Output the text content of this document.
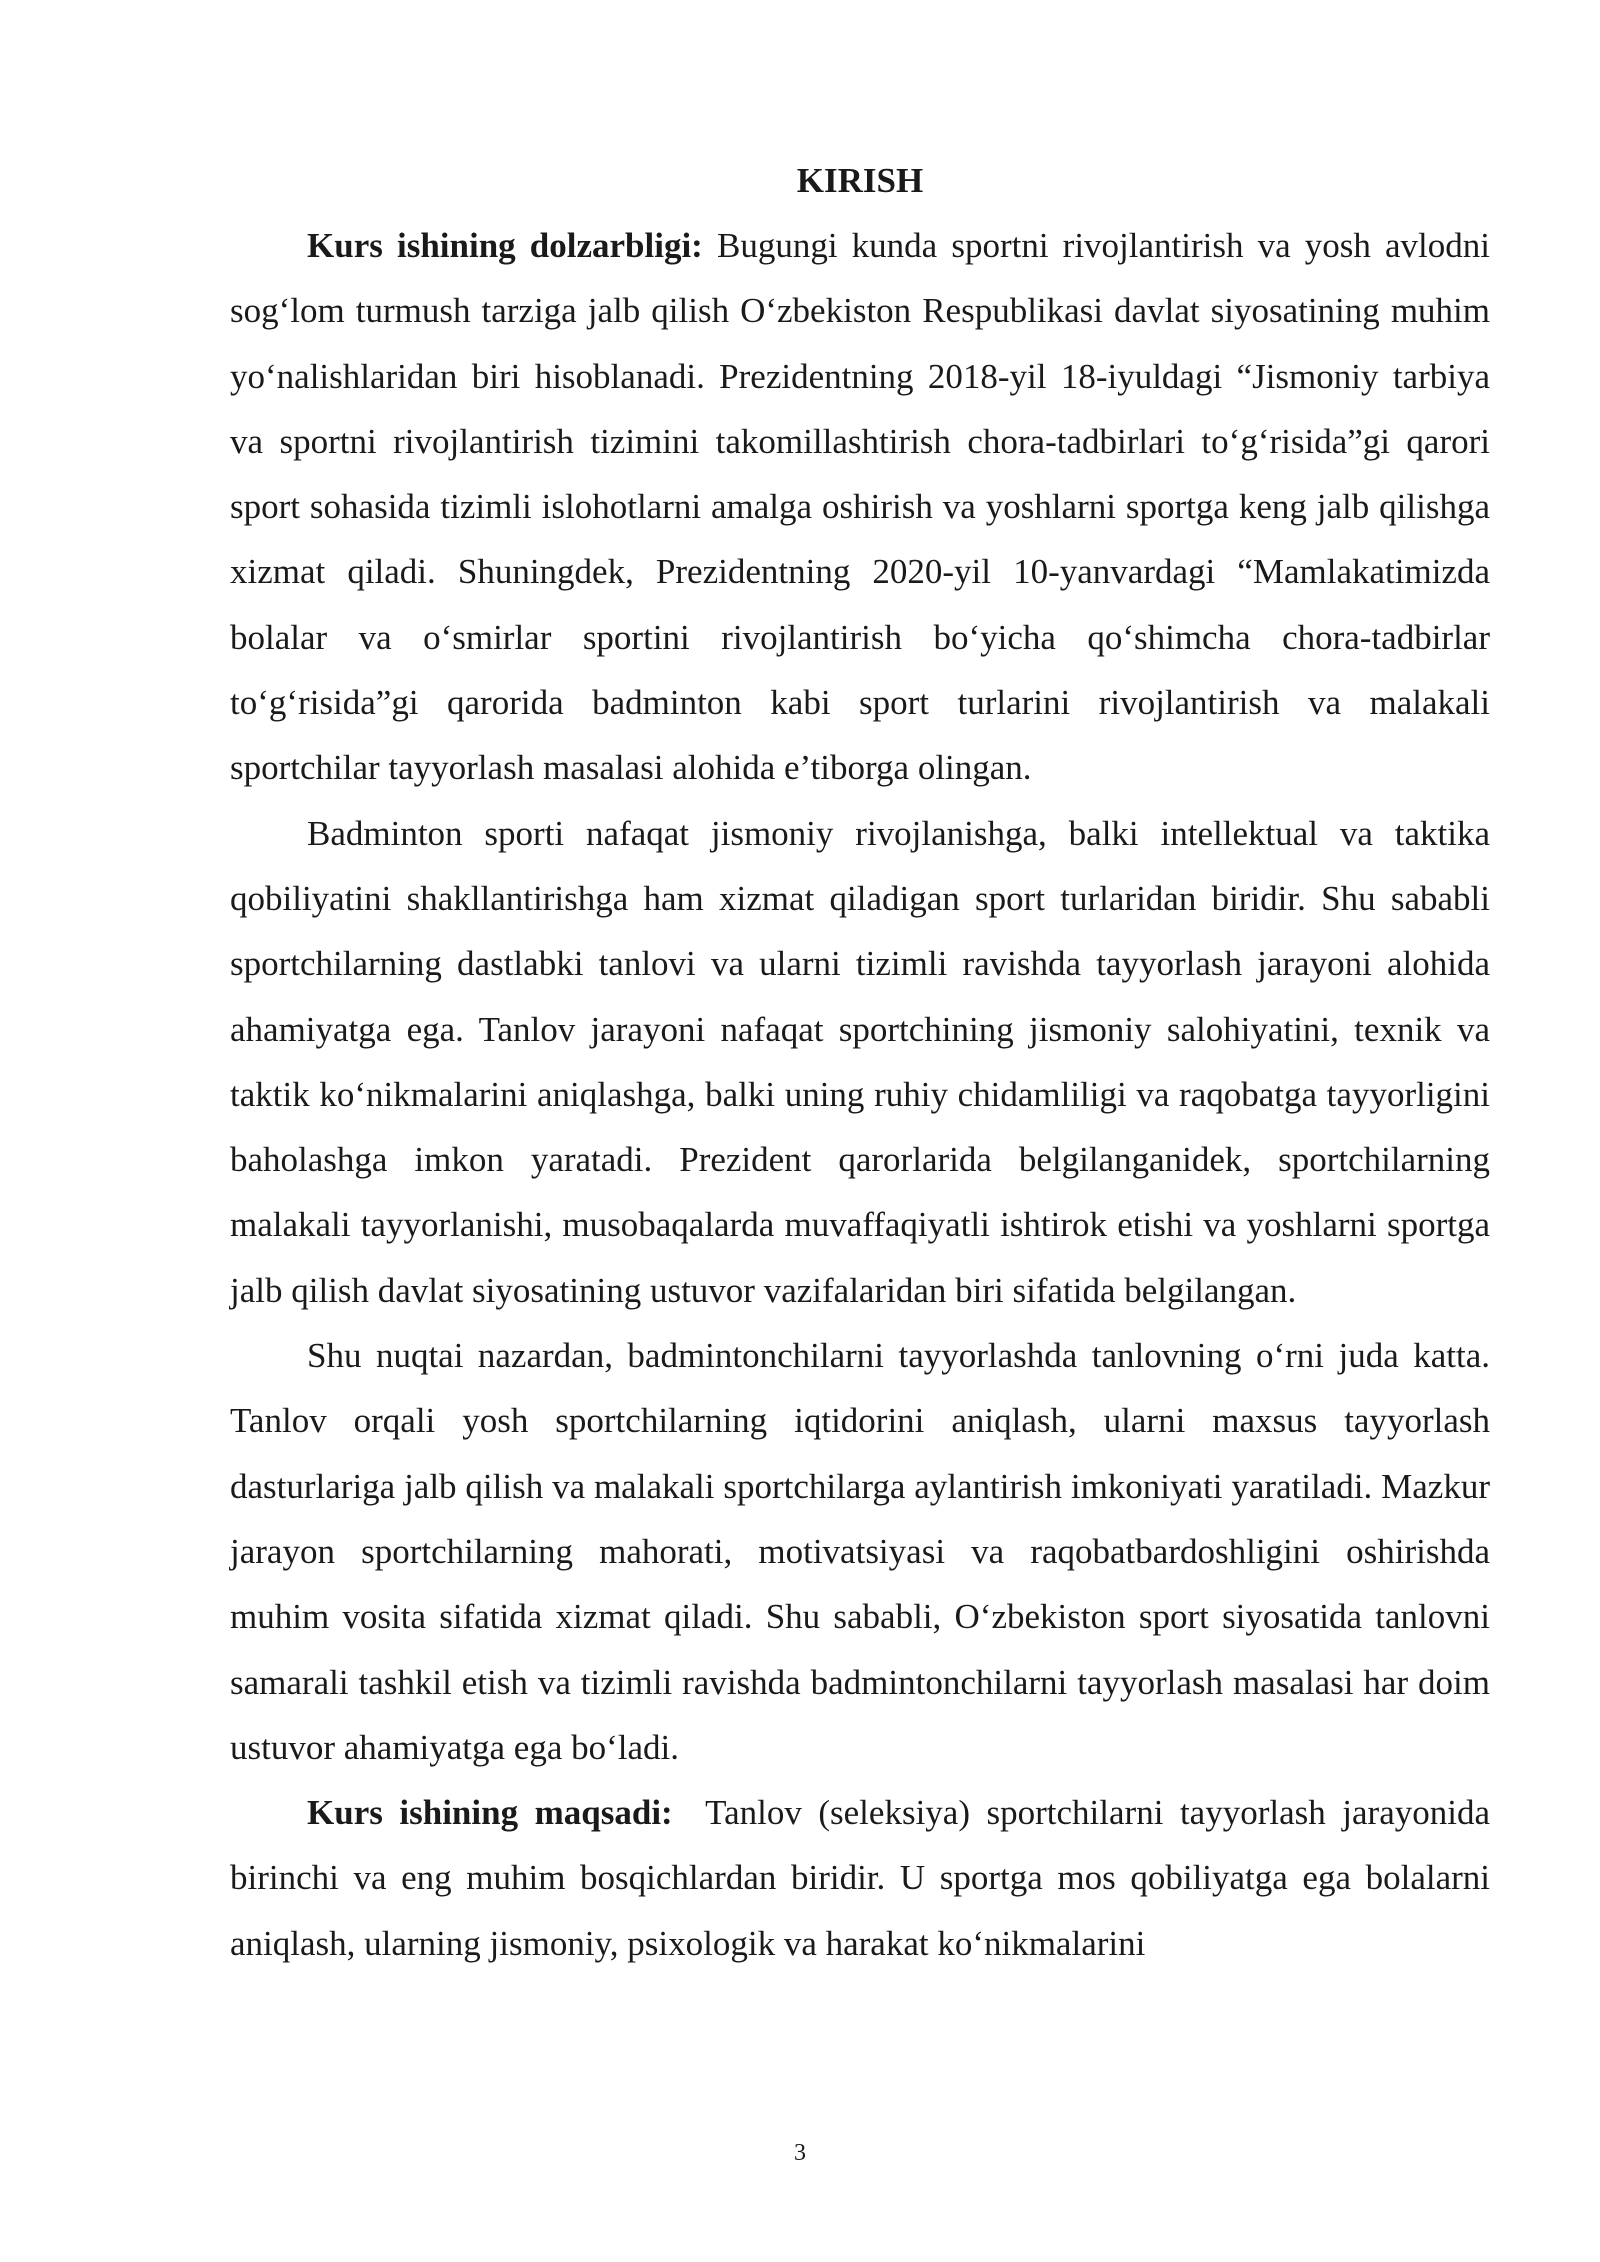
KIRISH

Kurs ishining dolzarbligi: Bugungi kunda sportni rivojlantirish va yosh avlodni sog‘lom turmush tarziga jalb qilish O‘zbekiston Respublikasi davlat siyosatining muhim yo‘nalishlaridan biri hisoblanadi. Prezidentning 2018-yil 18-iyuldagi “Jismoniy tarbiya va sportni rivojlantirish tizimini takomillashtirish chora-tadbirlari to‘g‘risida”gi qarori sport sohasida tizimli islohotlarni amalga oshirish va yoshlarni sportga keng jalb qilishga xizmat qiladi. Shuningdek, Prezidentning 2020-yil 10-yanvardagi “Mamlakatimizda bolalar va o‘smirlar sportini rivojlantirish bo‘yicha qo‘shimcha chora-tadbirlar to‘g‘risida”gi qarorida badminton kabi sport turlarini rivojlantirish va malakali sportchilar tayyorlash masalasi alohida e’tiborga olingan.

Badminton sporti nafaqat jismoniy rivojlanishga, balki intellektual va taktika qobiliyatini shakllantirishga ham xizmat qiladigan sport turlaridan biridir. Shu sababli sportchilarning dastlabki tanlovi va ularni tizimli ravishda tayyorlash jarayoni alohida ahamiyatga ega. Tanlov jarayoni nafaqat sportchining jismoniy salohiyatini, texnik va taktik ko‘nikmalarini aniqlashga, balki uning ruhiy chidamliligi va raqobatga tayyorligini baholashga imkon yaratadi. Prezident qarorlarida belgilanganidek, sportchilarning malakali tayyorlanishi, musobaqalarda muvaffaqiyatli ishtirok etishi va yoshlarni sportga jalb qilish davlat siyosatining ustuvor vazifalaridan biri sifatida belgilangan.

Shu nuqtai nazardan, badmintonchilarni tayyorlashda tanlovning o‘rni juda katta. Tanlov orqali yosh sportchilarning iqtidorini aniqlash, ularni maxsus tayyorlash dasturlariga jalb qilish va malakali sportchilarga aylantirish imkoniyati yaratiladi. Mazkur jarayon sportchilarning mahorati, motivatsiyasi va raqobatbardoshligini oshirishda muhim vosita sifatida xizmat qiladi. Shu sababli, O‘zbekiston sport siyosatida tanlovni samarali tashkil etish va tizimli ravishda badmintonchilarni tayyorlash masalasi har doim ustuvor ahamiyatga ega bo‘ladi.

Kurs ishining maqsadi:  Tanlov (seleksiya) sportchilarni tayyorlash jarayonida birinchi va eng muhim bosqichlardan biridir. U sportga mos qobiliyatga ega bolalarni aniqlash, ularning jismoniy, psixologik va harakat ko‘nikmalarini

3
